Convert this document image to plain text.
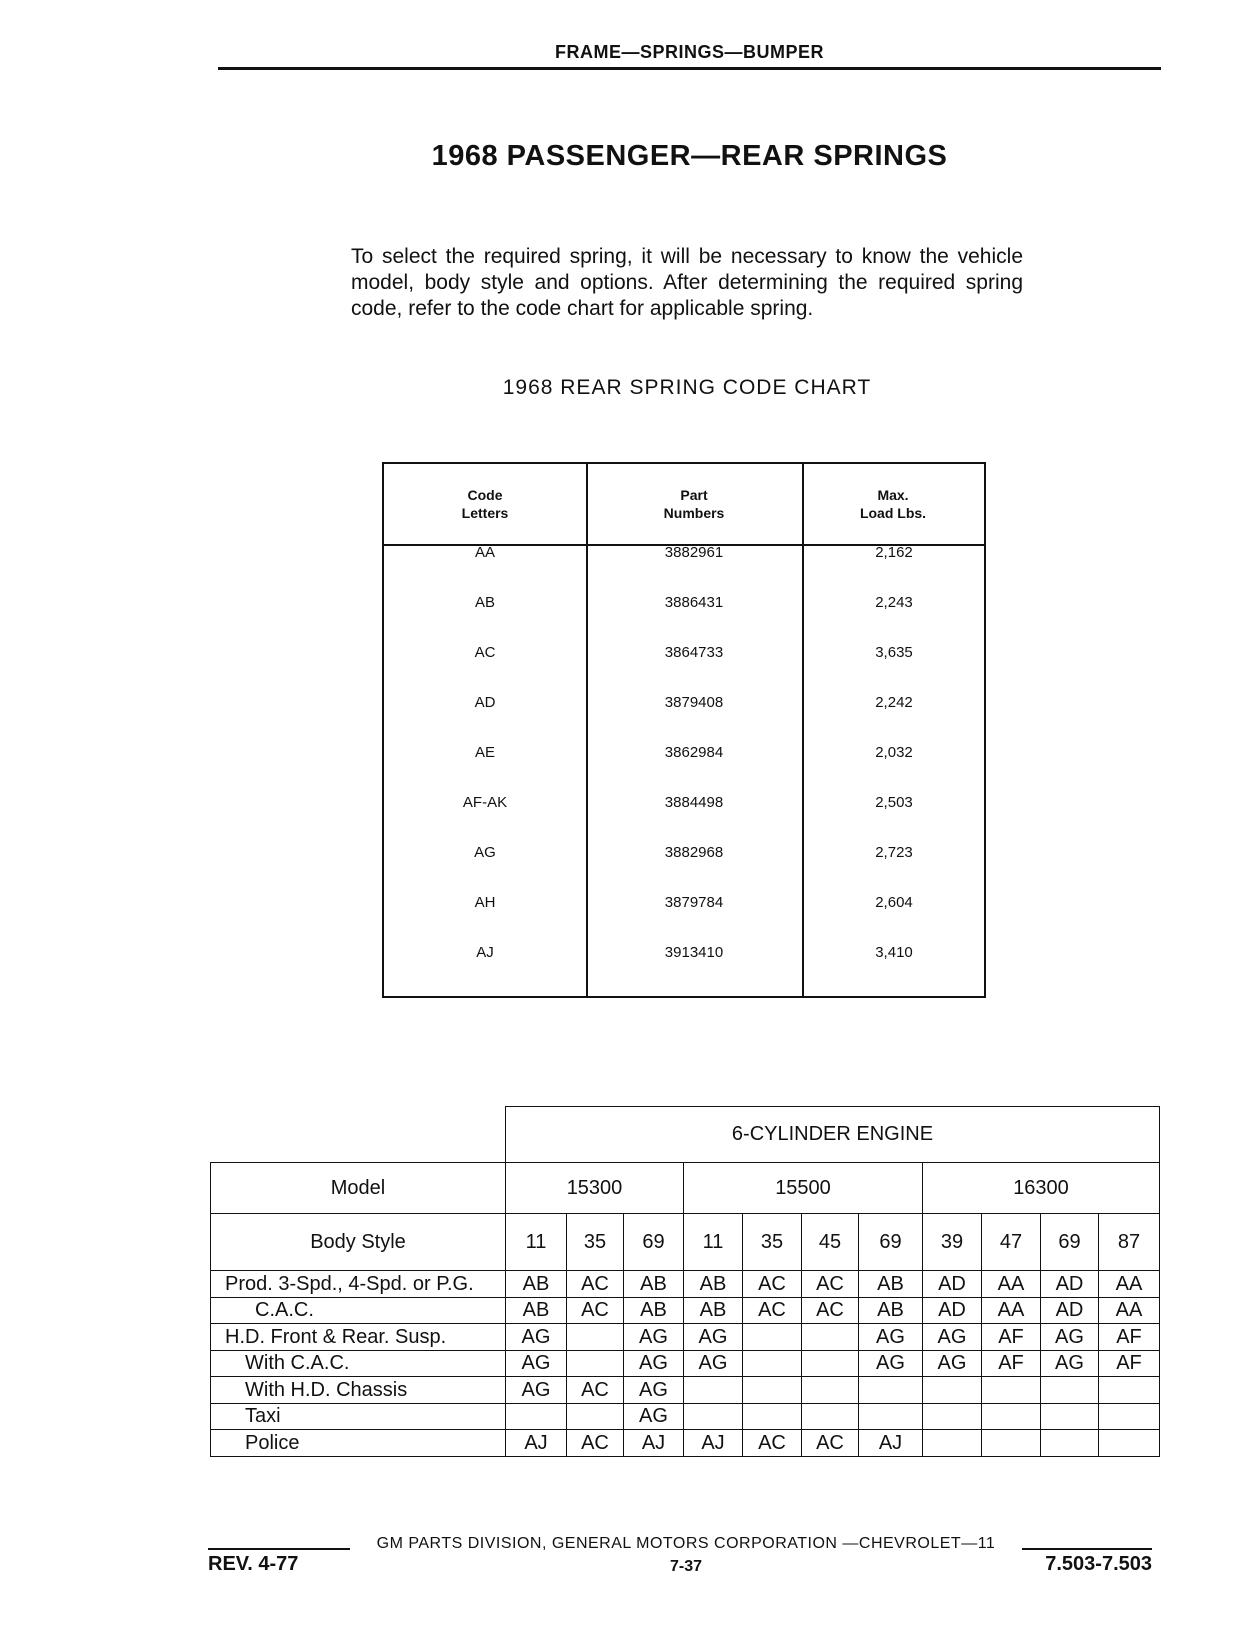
FRAME—SPRINGS—BUMPER
1968 PASSENGER—REAR SPRINGS
To select the required spring, it will be necessary to know the vehicle model, body style and options. After determining the required spring code, refer to the code chart for applicable spring.
1968 REAR SPRING CODE CHART
Code
Letters
Part
Numbers
Max.
Load Lbs.
AA	3882961	2,162
AB	3886431	2,243
AC	3864733	3,635
AD	3879408	2,242
AE	3862984	2,032
AF-AK	3884498	2,503
AG	3882968	2,723
AH	3879784	2,604
AJ	3913410	3,410
	6-CYLINDER ENGINE										
Model	15300			15500				16300			
Body Style	11	35	69	11	35	45	69	39	47	69	87
Prod. 3-Spd., 4-Spd. or P.G.	AB	AC	AB	AB	AC	AC	AB	AD	AA	AD	AA
C.A.C.	AB	AC	AB	AB	AC	AC	AB	AD	AA	AD	AA
H.D. Front & Rear. Susp.	AG		AG	AG			AG	AG	AF	AG	AF
With C.A.C.	AG		AG	AG			AG	AG	AF	AG	AF
With H.D. Chassis	AG	AC	AG								
Taxi			AG								
Police	AJ	AC	AJ	AJ	AC	AC	AJ				
REV. 4-77
GM PARTS DIVISION, GENERAL MOTORS CORPORATION —CHEVROLET—11
7-37	7.503-7.503
